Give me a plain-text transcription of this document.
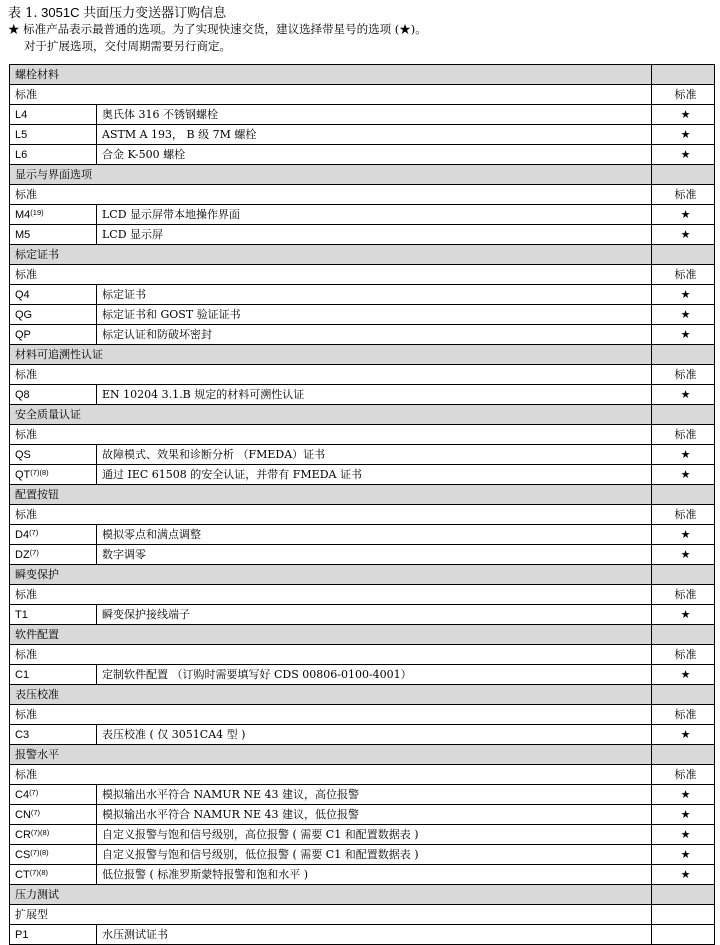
表 1. 3051C 共面压力变送器订购信息
★ 标准产品表示最普通的选项。为了实现快速交货，建议选择带星号的选项 (★)。
对于扩展选项，交付周期需要另行商定。
螺栓材料		
标准		标准
L4	奥氏体 316 不锈钢螺栓	★
L5	ASTM A 193， B 级 7M 螺栓	★
L6	合金 K-500 螺栓	★
显示与界面选项		
标准		标准
M4$^{(19)}$	LCD 显示屏带本地操作界面	★
M5	LCD 显示屏	★
标定证书		
标准		标准
Q4	标定证书	★
QG	标定证书和 GOST 验证证书	★
QP	标定认证和防破坏密封	★
材料可追溯性认证		
标准		标准
Q8	EN 10204 3.1.B 规定的材料可溯性认证	★
安全质量认证		
标准		标准
QS	故障模式、效果和诊断分析 （FMEDA）证书	★
$QT^{(7)(8)}$	通过 IEC 61508 的安全认证，并带有 FMEDA 证书	★
配置按钮		
标准		标准
D4$^{(7)}$	模拟零点和满点调整	★
DZ$^{(7)}$	数字调零	★
瞬变保护		
标准		标准
T1	瞬变保护接线端子	★
软件配置		
标准		标准
C1	定制软件配置 （订购时需要填写好 CDS 00806-0100-4001）	★
表压校准		
标准		标准
C3	表压校准 ( 仅 3051CA4 型 )	★
报警水平		
标准		标准
C4$^{(7)}$	模拟输出水平符合 NAMUR NE 43 建议，高位报警	★
CN$^{(7)}$	模拟输出水平符合 NAMUR NE 43 建议，低位报警	★
$CR^{(7)(8)}$	自定义报警与饱和信号级别，高位报警 ( 需要 C1 和配置数据表 )	★
$CS^{(7)(8)}$	自定义报警与饱和信号级别，低位报警 ( 需要 C1 和配置数据表 )	★
$CT^{(7)(8)}$	低位报警 ( 标准罗斯蒙特报警和饱和水平 )	★
压力测试		
扩展型		
P1	水压测试证书	
